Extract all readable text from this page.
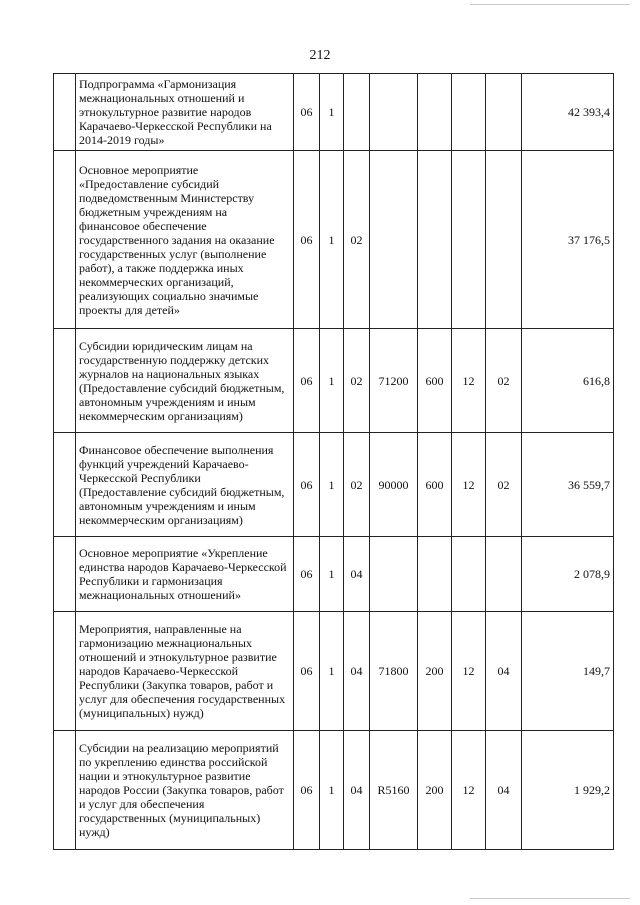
212
	Подпрограмма «Гармонизация межнациональных отношений и этнокультурное развитие народов Карачаево-Черкесской Республики на 2014-2019 годы»	06	1						42 393,4
	Основное мероприятие «Предоставление субсидий подведомственным Министерству бюджетным учреждениям на финансовое обеспечение государственного задания на оказание государственных услуг (выполнение работ), а также поддержка иных некоммерческих организаций, реализующих социально значимые проекты для детей»	06	1	02					37 176,5
	Субсидии юридическим лицам на государственную поддержку детских журналов на национальных языках (Предоставление субсидий бюджетным, автономным учреждениям и иным некоммерческим организациям)	06	1	02	71200	600	12	02	616,8
	Финансовое обеспечение выполнения функций учреждений Карачаево-Черкесской Республики (Предоставление субсидий бюджетным, автономным учреждениям и иным некоммерческим организациям)	06	1	02	90000	600	12	02	36 559,7
	Основное мероприятие «Укрепление единства народов Карачаево-Черкесской Республики и гармонизация межнациональных отношений»	06	1	04					2 078,9
	Мероприятия, направленные на гармонизацию межнациональных отношений и этнокультурное развитие народов Карачаево-Черкесской Республики (Закупка товаров, работ и услуг для обеспечения государственных (муниципальных) нужд)	06	1	04	71800	200	12	04	149,7
	Субсидии на реализацию мероприятий по укреплению единства российской нации и этнокультурное развитие народов России (Закупка товаров, работ и услуг для обеспечения государственных (муниципальных) нужд)	06	1	04	R5160	200	12	04	1 929,2
